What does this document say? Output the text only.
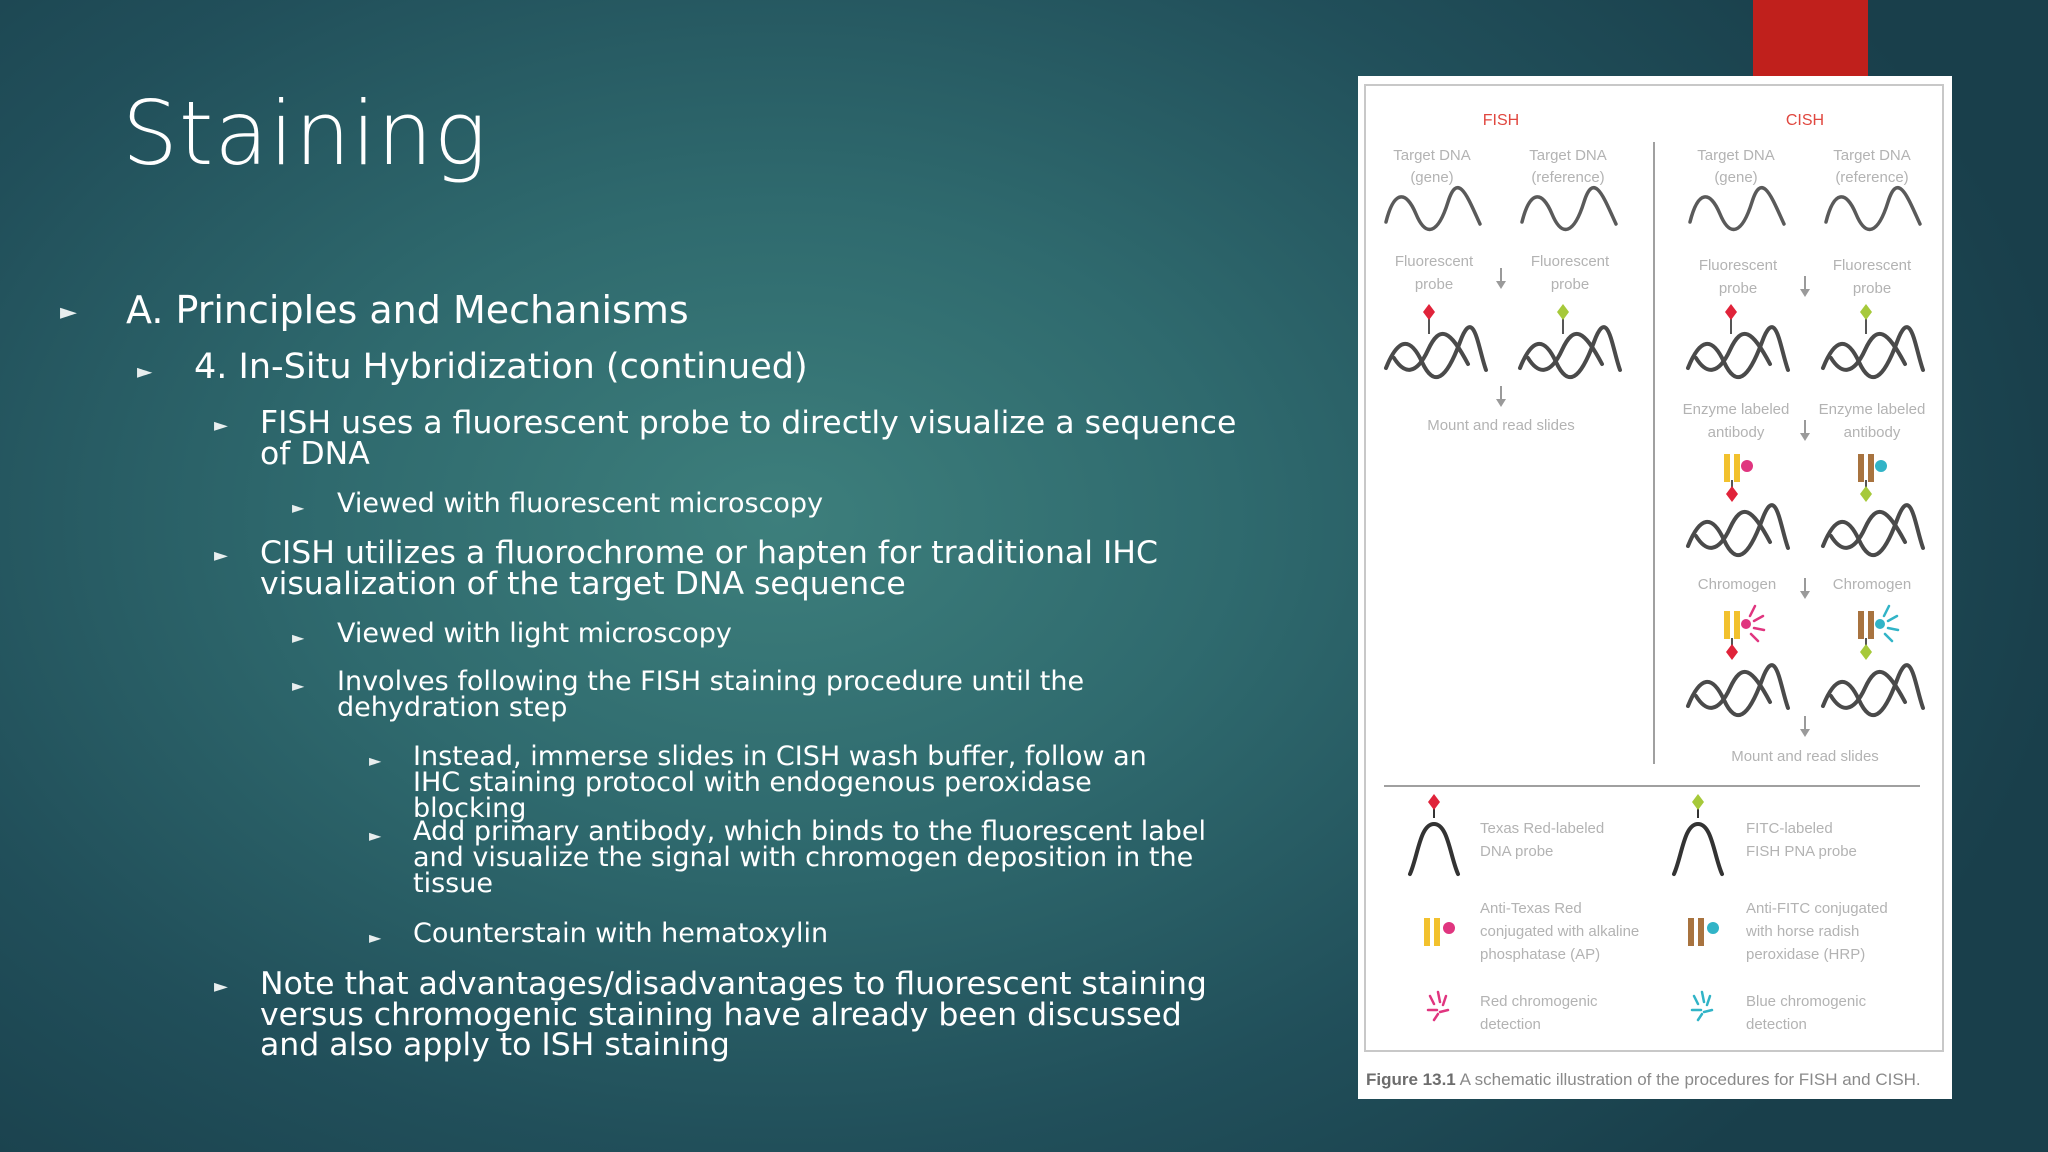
Staining
► A. Principles and Mechanisms
► 4. In-Situ Hybridization (continued)
► FISH uses a fluorescent probe to directly visualize a sequence of DNA
► Viewed with fluorescent microscopy
► CISH utilizes a fluorochrome or hapten for traditional IHC visualization of the target DNA sequence
► Viewed with light microscopy
► Involves following the FISH staining procedure until the dehydration step
► Instead, immerse slides in CISH wash buffer, follow an IHC staining protocol with endogenous peroxidase blocking
► Add primary antibody, which binds to the fluorescent label and visualize the signal with chromogen deposition in the tissue
► Counterstain with hematoxylin
► Note that advantages/disadvantages to fluorescent staining versus chromogenic staining have already been discussed and also apply to ISH staining
FISH	CISH
Target DNA
(gene)
Target DNA
(reference)
Fluorescent
probe
Fluorescent
probe
Mount and read slides
Target DNA
(gene)
Target DNA
(reference)
Fluorescent
probe
Fluorescent
probe
Enzyme labeled
antibody
Enzyme labeled
antibody
Chromogen	Chromogen
Mount and read slides
Texas Red-labeled
DNA probe
FITC-labeled
FISH PNA probe
Anti-Texas Red
conjugated with alkaline
phosphatase (AP)
Anti-FITC conjugated
with horse radish
peroxidase (HRP)
Red chromogenic
detection
Blue chromogenic
detection
Figure 13.1 A schematic illustration of the procedures for FISH and CISH.
